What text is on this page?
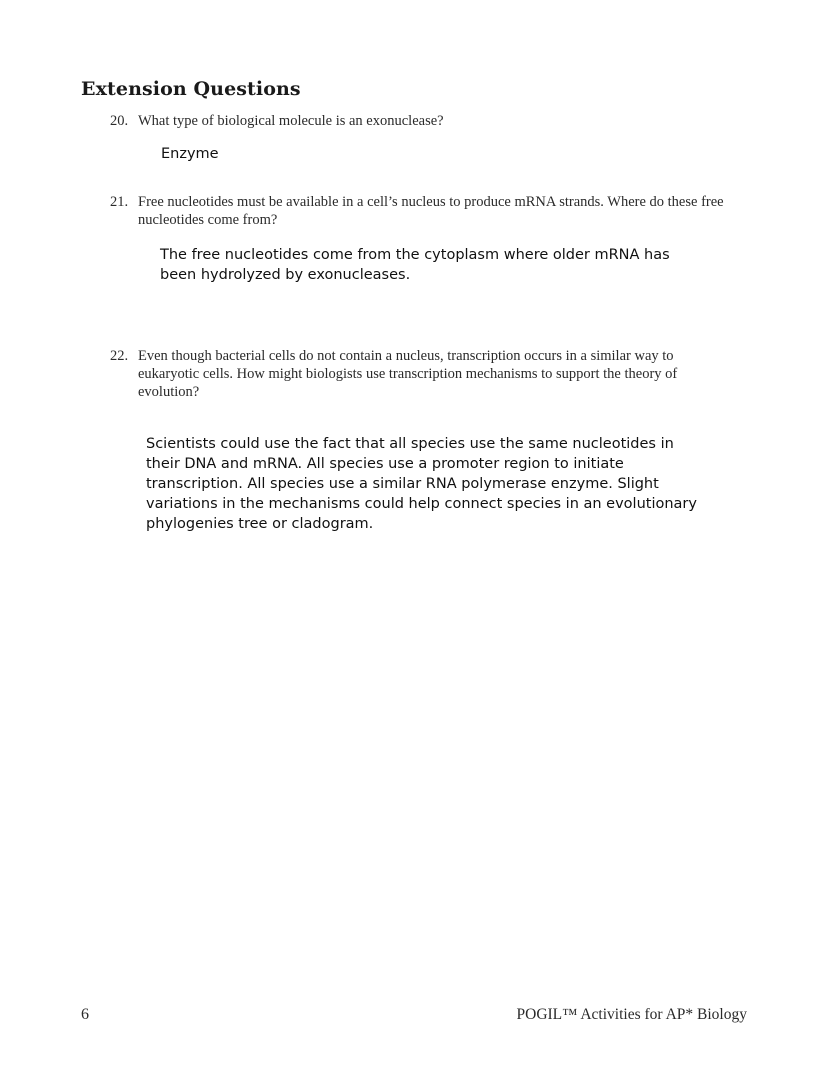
Extension Questions
20. What type of biological molecule is an exonuclease?
Enzyme
21. Free nucleotides must be available in a cell’s nucleus to produce mRNA strands. Where do these free nucleotides come from?
The free nucleotides come from the cytoplasm where older mRNA has been hydrolyzed by exonucleases.
22. Even though bacterial cells do not contain a nucleus, transcription occurs in a similar way to eukaryotic cells. How might biologists use transcription mechanisms to support the theory of evolution?
Scientists could use the fact that all species use the same nucleotides in their DNA and mRNA. All species use a promoter region to initiate transcription. All species use a similar RNA polymerase enzyme. Slight variations in the mechanisms could help connect species in an evolutionary phylogenies tree or cladogram.
6	POGIL™ Activities for AP* Biology
